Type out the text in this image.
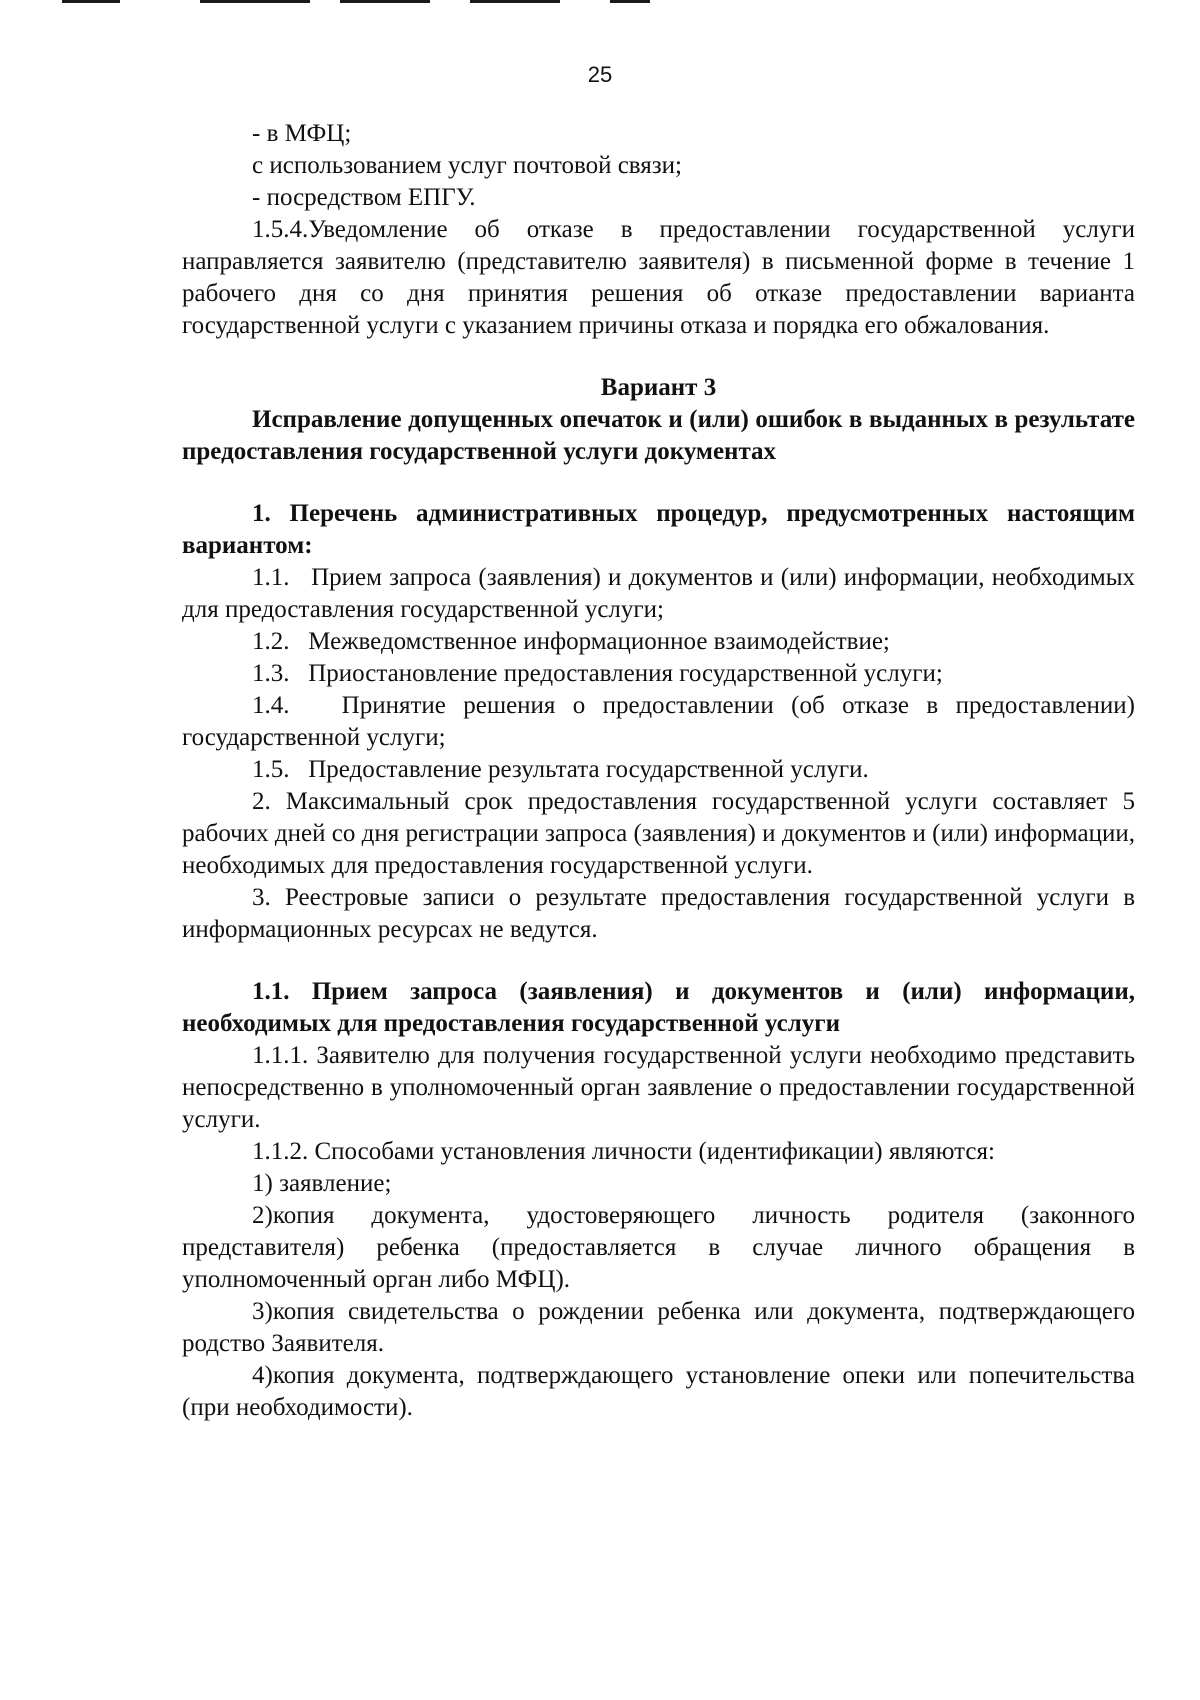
25

- в МФЦ;

с использованием услуг почтовой связи;

- посредством ЕПГУ.

1.5.4.Уведомление об отказе в предоставлении государственной услуги направляется заявителю (представителю заявителя) в письменной форме в течение 1 рабочего дня со дня принятия решения об отказе предоставлении варианта государственной услуги с указанием причины отказа и порядка его обжалования.

Вариант 3

Исправление допущенных опечаток и (или) ошибок в выданных в результате предоставления государственной услуги документах

1. Перечень административных процедур, предусмотренных настоящим вариантом:

1.1.   Прием запроса (заявления) и документов и (или) информации, необходимых для предоставления государственной услуги;

1.2.   Межведомственное информационное взаимодействие;

1.3.   Приостановление предоставления государственной услуги;

1.4.   Принятие решения о предоставлении (об отказе в предоставлении) государственной услуги;

1.5.   Предоставление результата государственной услуги.

2. Максимальный срок предоставления государственной услуги составляет 5 рабочих дней со дня регистрации запроса (заявления) и документов и (или) информации, необходимых для предоставления государственной услуги.

3. Реестровые записи о результате предоставления государственной услуги в информационных ресурсах не ведутся.

1.1. Прием запроса (заявления) и документов и (или) информации, необходимых для предоставления государственной услуги

1.1.1. Заявителю для получения государственной услуги необходимо представить непосредственно в уполномоченный орган заявление о предоставлении государственной услуги.

1.1.2. Способами установления личности (идентификации) являются:

1) заявление;

2)копия документа, удостоверяющего личность родителя (законного представителя) ребенка (предоставляется в случае личного обращения в уполномоченный орган либо МФЦ).

3)копия свидетельства о рождении ребенка или документа, подтверждающего родство Заявителя.

4)копия документа, подтверждающего установление опеки или попечительства (при необходимости).
